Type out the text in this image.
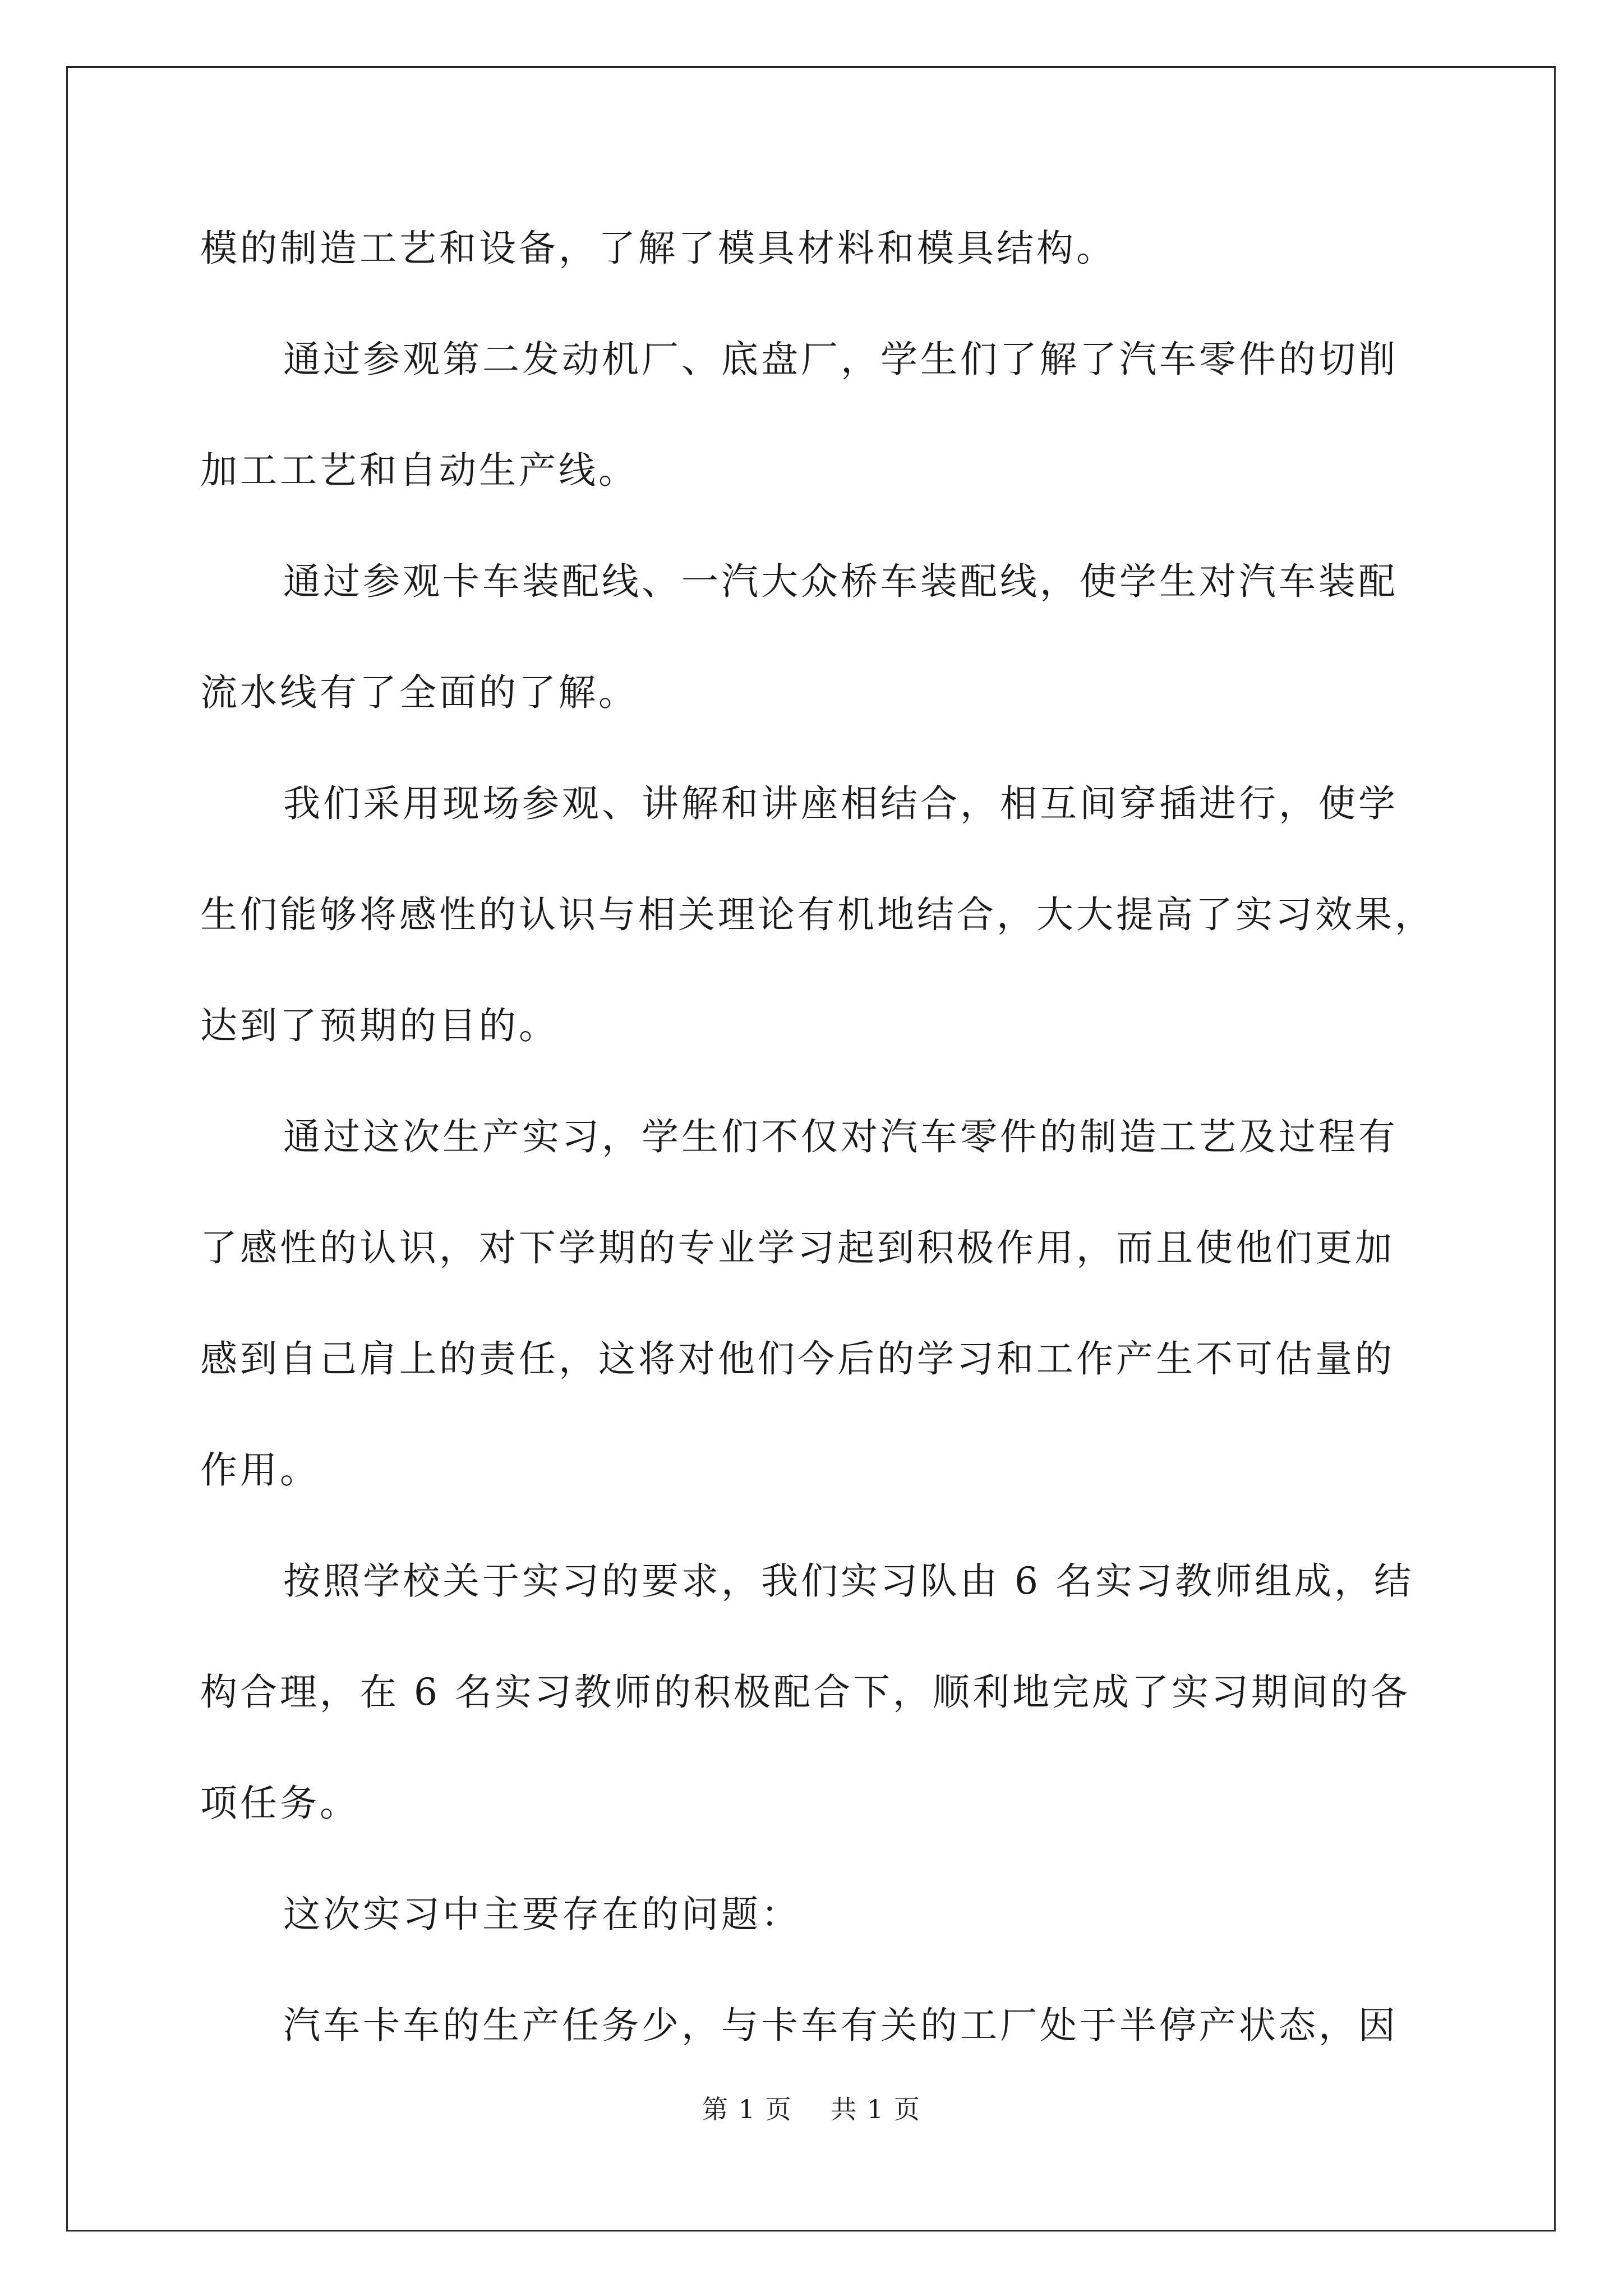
模的制造工艺和设备，了解了模具材料和模具结构。
通过参观第二发动机厂、底盘厂，学生们了解了汽车零件的切削
加工工艺和自动生产线。
通过参观卡车装配线、一汽大众桥车装配线，使学生对汽车装配
流水线有了全面的了解。
我们采用现场参观、讲解和讲座相结合，相互间穿插进行，使学
生们能够将感性的认识与相关理论有机地结合，大大提高了实习效果，
达到了预期的目的。
通过这次生产实习，学生们不仅对汽车零件的制造工艺及过程有
了感性的认识，对下学期的专业学习起到积极作用，而且使他们更加
感到自己肩上的责任，这将对他们今后的学习和工作产生不可估量的
作用。
按照学校关于实习的要求，我们实习队由 6 名实习教师组成，结
构合理，在 6 名实习教师的积极配合下，顺利地完成了实习期间的各
项任务。
这次实习中主要存在的问题：
汽车卡车的生产任务少，与卡车有关的工厂处于半停产状态，因
第 1 页 共 1 页
